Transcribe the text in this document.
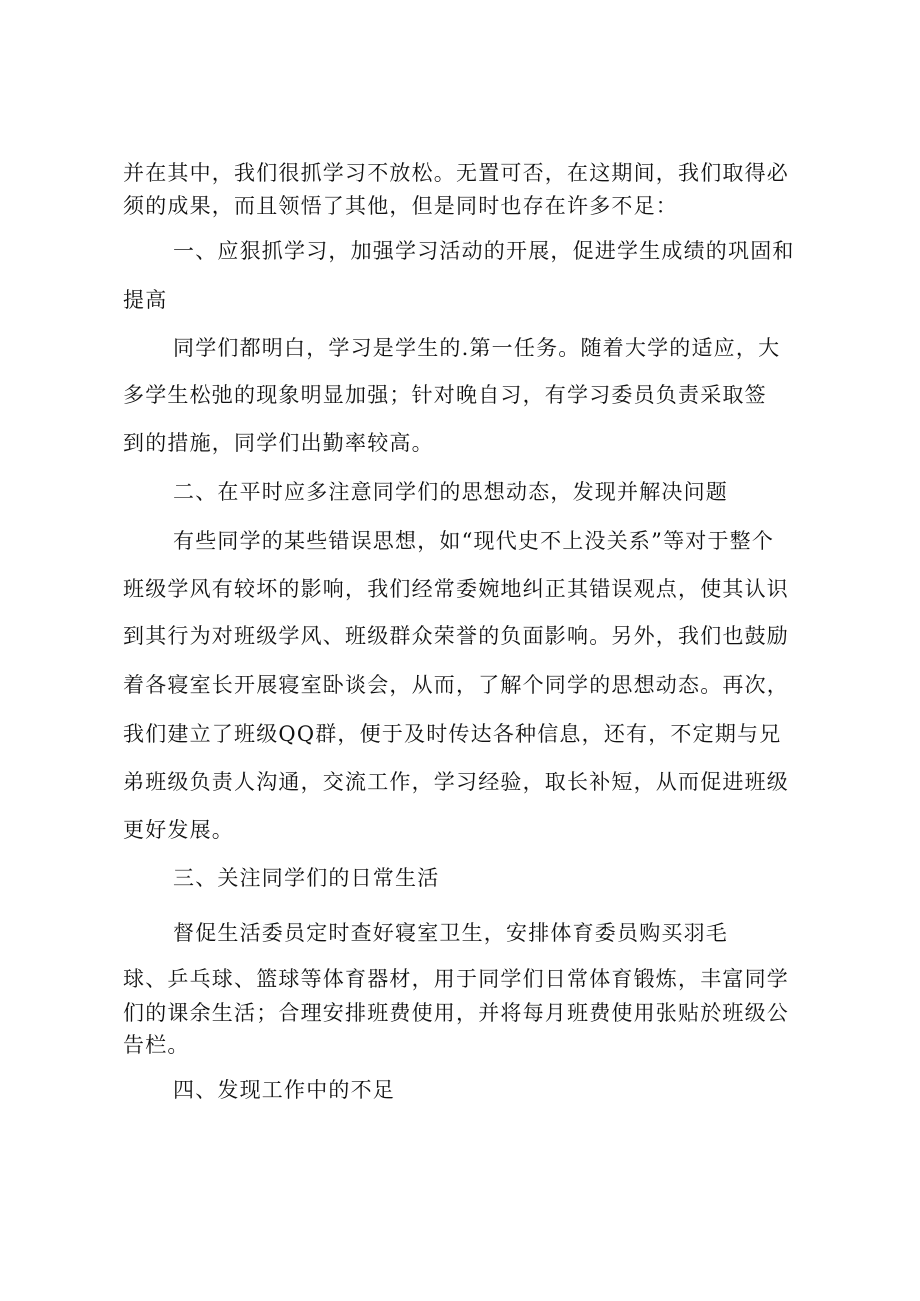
并在其中，我们很抓学习不放松。无置可否，在这期间，我们取得必

须的成果，而且领悟了其他，但是同时也存在许多不足：

一、应狠抓学习，加强学习活动的开展，促进学生成绩的巩固和

提高

同学们都明白，学习是学生的.第一任务。随着大学的适应，大

多学生松弛的现象明显加强；针对晚自习，有学习委员负责采取签

到的措施，同学们出勤率较高。

二、在平时应多注意同学们的思想动态，发现并解决问题

有些同学的某些错误思想，如“现代史不上没关系”等对于整个

班级学风有较坏的影响，我们经常委婉地纠正其错误观点，使其认识

到其行为对班级学风、班级群众荣誉的负面影响。另外，我们也鼓励

着各寝室长开展寝室卧谈会，从而，了解个同学的思想动态。再次，

我们建立了班级QQ群，便于及时传达各种信息，还有，不定期与兄

弟班级负责人沟通，交流工作，学习经验，取长补短，从而促进班级

更好发展。

三、关注同学们的日常生活

督促生活委员定时查好寝室卫生，安排体育委员购买羽毛

球、乒乓球、篮球等体育器材，用于同学们日常体育锻炼，丰富同学

们的课余生活；合理安排班费使用，并将每月班费使用张贴於班级公

告栏。

四、发现工作中的不足
